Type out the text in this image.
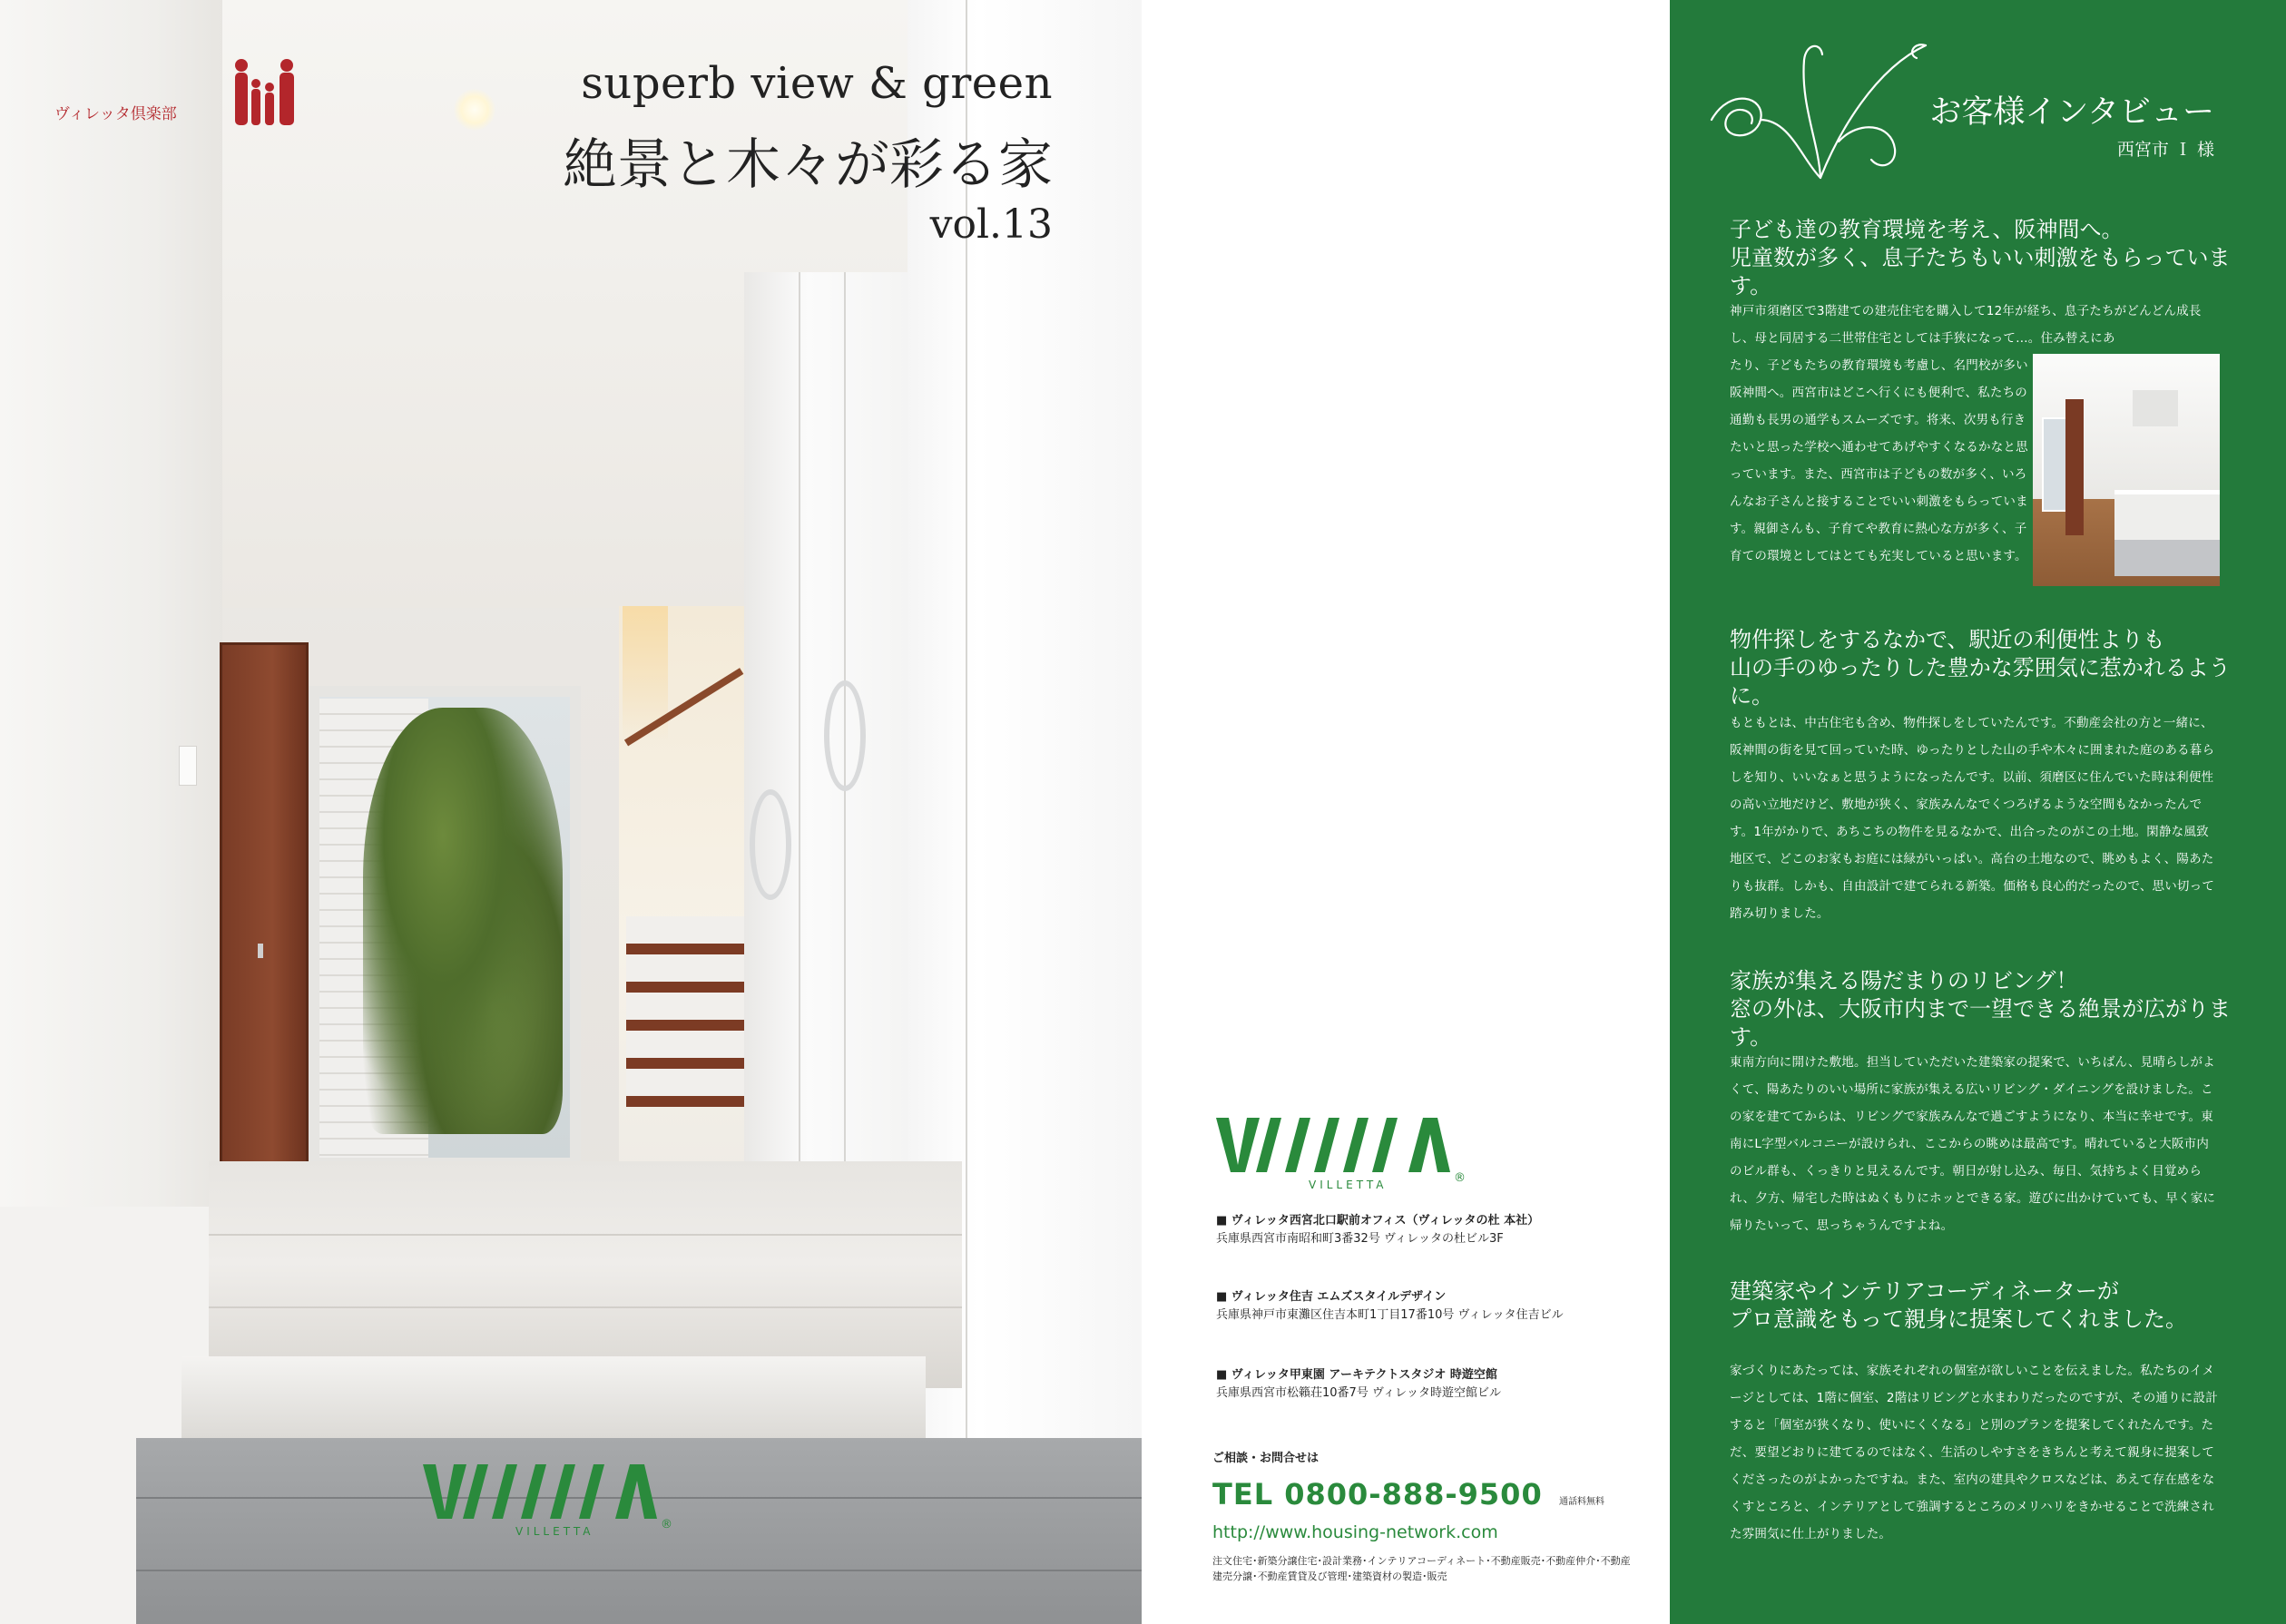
ヴィレッタ倶楽部
superb view & green
絶景と木々が彩る家
vol.13
VILLETTA	®
VILLETTA	®
■ ヴィレッタ西宮北口駅前オフィス（ヴィレッタの杜 本社）
兵庫県西宮市南昭和町3番32号 ヴィレッタの杜ビル3F
■ ヴィレッタ住吉 エムズスタイルデザイン
兵庫県神戸市東灘区住吉本町1丁目17番10号 ヴィレッタ住吉ビル
■ ヴィレッタ甲東園 アーキテクトスタジオ 時遊空館
兵庫県西宮市松籟荘10番7号 ヴィレッタ時遊空館ビル
ご相談・お問合せは
TEL 0800-888-9500 通話料無料
http://www.housing-network.com
注文住宅･新築分譲住宅･設計業務･インテリアコーディネート･不動産販売･不動産仲介･不動産建売分譲･不動産賃貸及び管理･建築資材の製造･販売
お客様インタビュー
西宮市 Ｉ 様
子ども達の教育環境を考え、阪神間へ。
児童数が多く、息子たちもいい刺激をもらっています。
神戸市須磨区で3階建ての建売住宅を購入して12年が経ち、息子たちがどんどん成長し、母と同居する二世帯住宅としては手狭になって…。住み替えにあ
たり、子どもたちの教育環境も考慮し、名門校が多い阪神間へ。西宮市はどこへ行くにも便利で、私たちの通勤も長男の通学もスムーズです。将来、次男も行きたいと思った学校へ通わせてあげやすくなるかなと思っています。また、西宮市は子どもの数が多く、いろんなお子さんと接することでいい刺激をもらっています。親御さんも、子育てや教育に熱心な方が多く、子育ての環境としてはとても充実していると思います。
物件探しをするなかで、駅近の利便性よりも
山の手のゆったりした豊かな雰囲気に惹かれるように。
もともとは、中古住宅も含め、物件探しをしていたんです。不動産会社の方と一緒に、阪神間の街を見て回っていた時、ゆったりとした山の手や木々に囲まれた庭のある暮らしを知り、いいなぁと思うようになったんです。以前、須磨区に住んでいた時は利便性の高い立地だけど、敷地が狭く、家族みんなでくつろげるような空間もなかったんです。1年がかりで、あちこちの物件を見るなかで、出合ったのがこの土地。閑静な風致地区で、どこのお家もお庭には緑がいっぱい。高台の土地なので、眺めもよく、陽あたりも抜群。しかも、自由設計で建てられる新築。価格も良心的だったので、思い切って踏み切りました。
家族が集える陽だまりのリビング！
窓の外は、大阪市内まで一望できる絶景が広がります。
東南方向に開けた敷地。担当していただいた建築家の提案で、いちばん、見晴らしがよくて、陽あたりのいい場所に家族が集える広いリビング・ダイニングを設けました。この家を建ててからは、リビングで家族みんなで過ごすようになり、本当に幸せです。東南にL字型バルコニーが設けられ、ここからの眺めは最高です。晴れていると大阪市内のビル群も、くっきりと見えるんです。朝日が射し込み、毎日、気持ちよく目覚められ、夕方、帰宅した時はぬくもりにホッとできる家。遊びに出かけていても、早く家に帰りたいって、思っちゃうんですよね。
建築家やインテリアコーディネーターが
プロ意識をもって親身に提案してくれました。
家づくりにあたっては、家族それぞれの個室が欲しいことを伝えました。私たちのイメージとしては、1階に個室、2階はリビングと水まわりだったのですが、その通りに設計すると「個室が狭くなり、使いにくくなる」と別のプランを提案してくれたんです。ただ、要望どおりに建てるのではなく、生活のしやすさをきちんと考えて親身に提案してくださったのがよかったですね。また、室内の建具やクロスなどは、あえて存在感をなくすところと、インテリアとして強調するところのメリハリをきかせることで洗練された雰囲気に仕上がりました。
